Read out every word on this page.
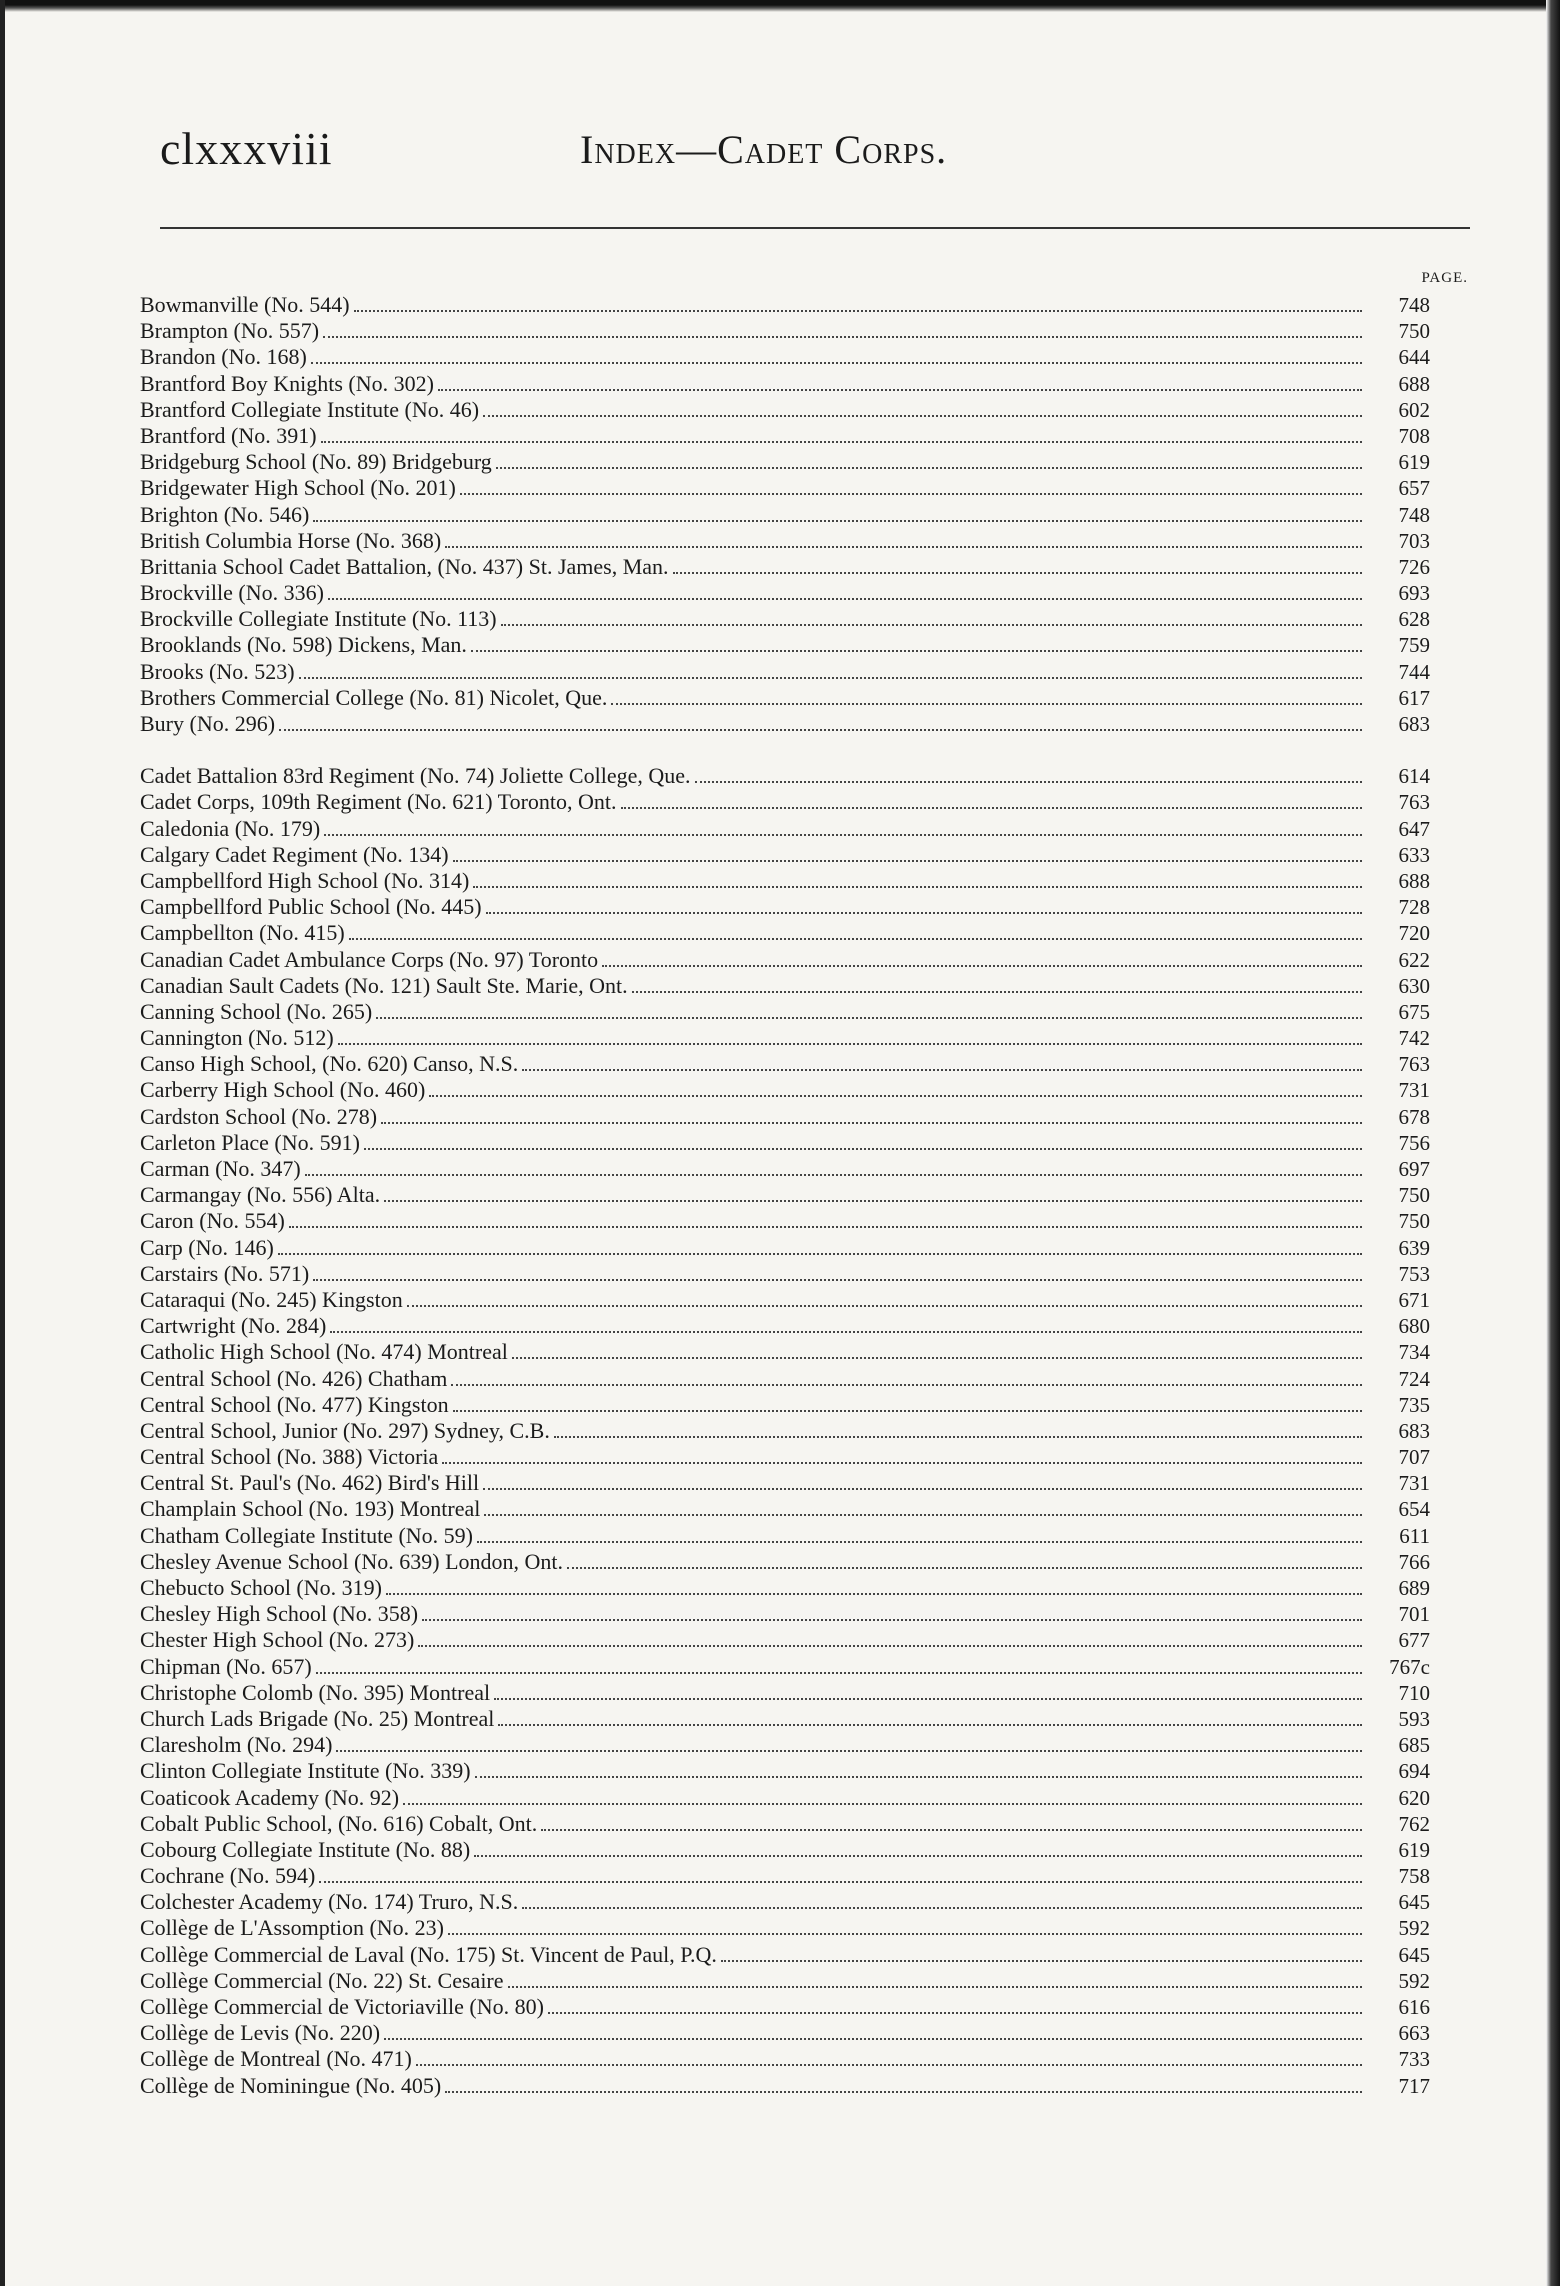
clxxxviii	Index—Cadet Corps.
PAGE.
Bowmanville (No. 544)	748
Brampton (No. 557)	750
Brandon (No. 168)	644
Brantford Boy Knights (No. 302)	688
Brantford Collegiate Institute (No. 46)	602
Brantford (No. 391)	708
Bridgeburg School (No. 89) Bridgeburg	619
Bridgewater High School (No. 201)	657
Brighton (No. 546)	748
British Columbia Horse (No. 368)	703
Brittania School Cadet Battalion, (No. 437) St. James, Man.	726
Brockville (No. 336)	693
Brockville Collegiate Institute (No. 113)	628
Brooklands (No. 598) Dickens, Man.	759
Brooks (No. 523)	744
Brothers Commercial College (No. 81) Nicolet, Que.	617
Bury (No. 296)	683
Cadet Battalion 83rd Regiment (No. 74) Joliette College, Que.	614
Cadet Corps, 109th Regiment (No. 621) Toronto, Ont.	763
Caledonia (No. 179)	647
Calgary Cadet Regiment (No. 134)	633
Campbellford High School (No. 314)	688
Campbellford Public School (No. 445)	728
Campbellton (No. 415)	720
Canadian Cadet Ambulance Corps (No. 97) Toronto	622
Canadian Sault Cadets (No. 121) Sault Ste. Marie, Ont.	630
Canning School (No. 265)	675
Cannington (No. 512)	742
Canso High School, (No. 620) Canso, N.S.	763
Carberry High School (No. 460)	731
Cardston School (No. 278)	678
Carleton Place (No. 591)	756
Carman (No. 347)	697
Carmangay (No. 556) Alta.	750
Caron (No. 554)	750
Carp (No. 146)	639
Carstairs (No. 571)	753
Cataraqui (No. 245) Kingston	671
Cartwright (No. 284)	680
Catholic High School (No. 474) Montreal	734
Central School (No. 426) Chatham	724
Central School (No. 477) Kingston	735
Central School, Junior (No. 297) Sydney, C.B.	683
Central School (No. 388) Victoria	707
Central St. Paul's (No. 462) Bird's Hill	731
Champlain School (No. 193) Montreal	654
Chatham Collegiate Institute (No. 59)	611
Chesley Avenue School (No. 639) London, Ont.	766
Chebucto School (No. 319)	689
Chesley High School (No. 358)	701
Chester High School (No. 273)	677
Chipman (No. 657)	767c
Christophe Colomb (No. 395) Montreal	710
Church Lads Brigade (No. 25) Montreal	593
Claresholm (No. 294)	685
Clinton Collegiate Institute (No. 339)	694
Coaticook Academy (No. 92)	620
Cobalt Public School, (No. 616) Cobalt, Ont.	762
Cobourg Collegiate Institute (No. 88)	619
Cochrane (No. 594)	758
Colchester Academy (No. 174) Truro, N.S.	645
Collège de L'Assomption (No. 23)	592
Collège Commercial de Laval (No. 175) St. Vincent de Paul, P.Q.	645
Collège Commercial (No. 22) St. Cesaire	592
Collège Commercial de Victoriaville (No. 80)	616
Collège de Levis (No. 220)	663
Collège de Montreal (No. 471)	733
Collège de Nominingue (No. 405)	717
